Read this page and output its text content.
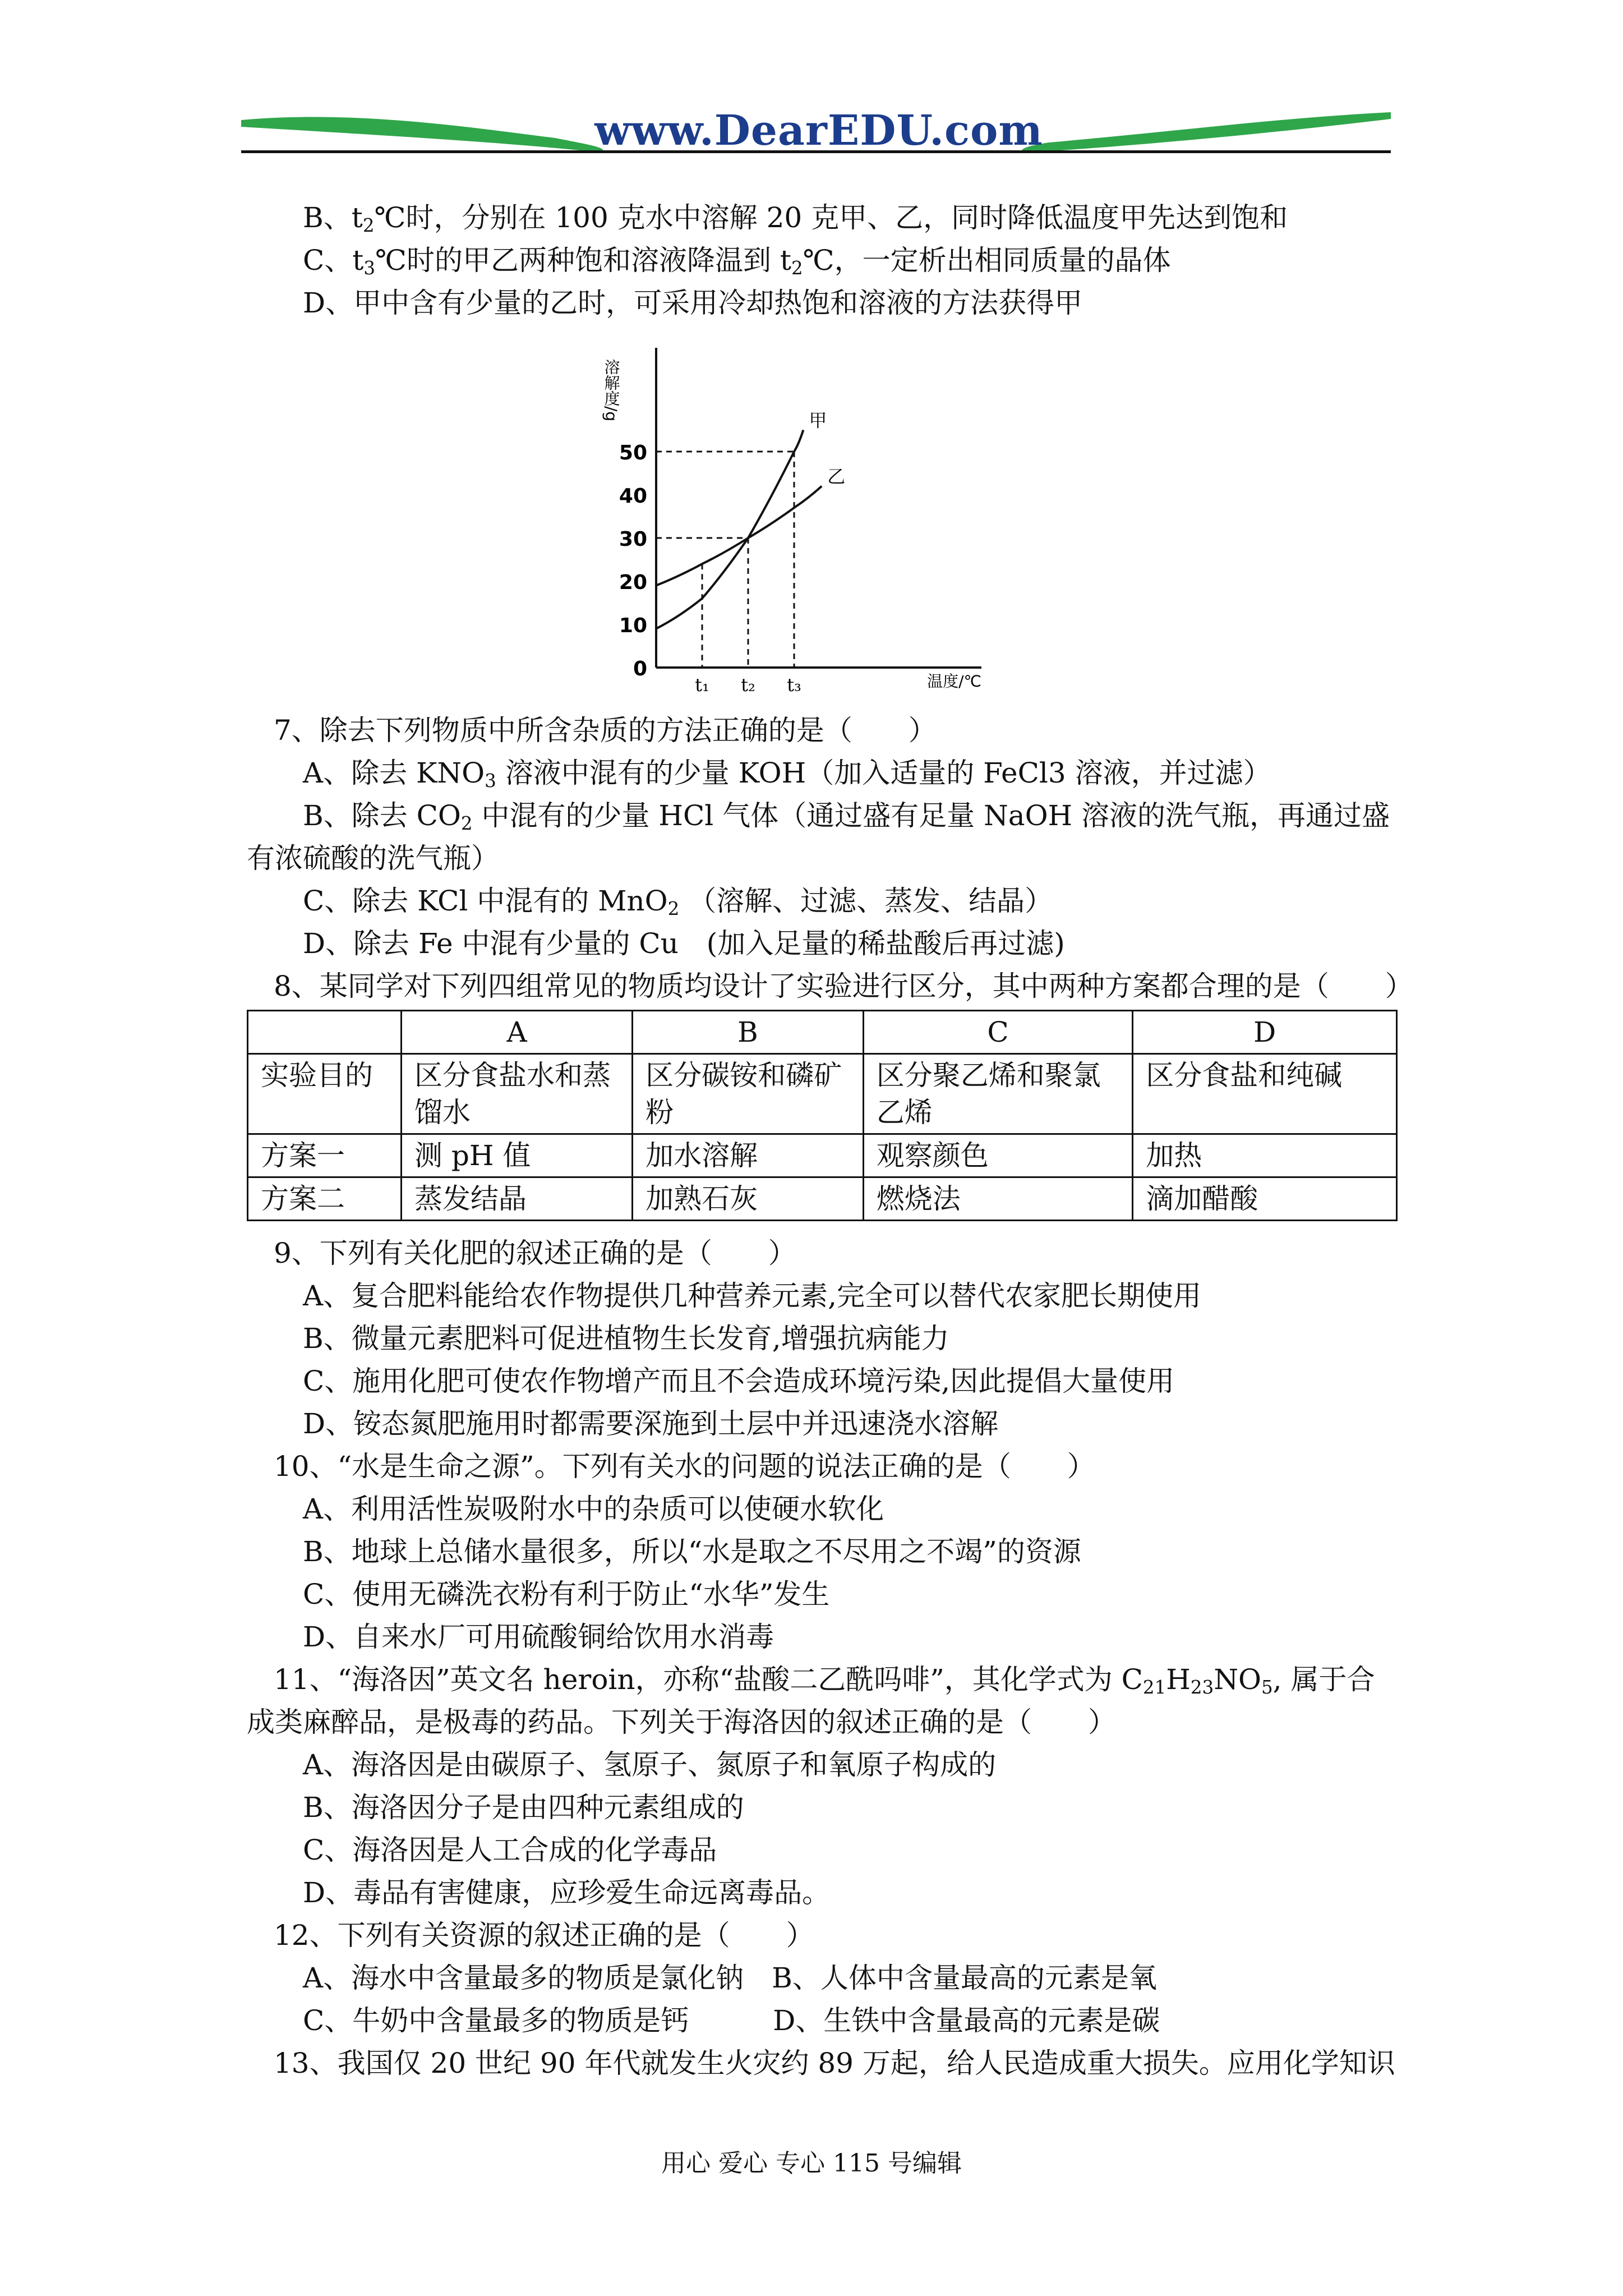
www.DearEDU.com
B、$t_2℃$时，分别在 100 克水中溶解 20 克甲、乙，同时降低温度甲先达到饱和
C、$t_3℃$时的甲乙两种饱和溶液降温到 $t_2℃$，一定析出相同质量的晶体
D、甲中含有少量的乙时，可采用冷却热饱和溶液的方法获得甲
0
10
20
30
40
50
t₁ t₂ t₃
溶解度/g
温度/℃
甲
乙
7、除去下列物质中所含杂质的方法正确的是（　　）
A、除去 $KNO_3$ 溶液中混有的少量 KOH（加入适量的 FeCl3 溶液，并过滤）
B、除去 $CO_2$ 中混有的少量 HCl 气体（通过盛有足量 NaOH 溶液的洗气瓶，再通过盛
有浓硫酸的洗气瓶）
C、除去 KCl 中混有的 MnO$_2$ （溶解、过滤、蒸发、结晶）
D、除去 Fe 中混有少量的 Cu　(加入足量的稀盐酸后再过滤)
8、某同学对下列四组常见的物质均设计了实验进行区分，其中两种方案都合理的是（　　）
	A	B	C	D
实验目的	区分食盐水和蒸馏水	区分碳铵和磷矿粉	区分聚乙烯和聚氯乙烯	区分食盐和纯碱
方案一	测 pH 值	加水溶解	观察颜色	加热
方案二	蒸发结晶	加熟石灰	燃烧法	滴加醋酸
9、下列有关化肥的叙述正确的是（　　）
A、复合肥料能给农作物提供几种营养元素,完全可以替代农家肥长期使用
B、微量元素肥料可促进植物生长发育,增强抗病能力
C、施用化肥可使农作物增产而且不会造成环境污染,因此提倡大量使用
D、铵态氮肥施用时都需要深施到土层中并迅速浇水溶解
10、“水是生命之源”。下列有关水的问题的说法正确的是（　　）
A、利用活性炭吸附水中的杂质可以使硬水软化
B、地球上总储水量很多，所以“水是取之不尽用之不竭”的资源
C、使用无磷洗衣粉有利于防止“水华”发生
D、自来水厂可用硫酸铜给饮用水消毒
11、“海洛因”英文名 heroin，亦称“盐酸二乙酰吗啡”，其化学式为 $C_{21}H_{23}NO_5$, 属于合
成类麻醉品，是极毒的药品。下列关于海洛因的叙述正确的是（　　）
A、海洛因是由碳原子、氢原子、氮原子和氧原子构成的
B、海洛因分子是由四种元素组成的
C、海洛因是人工合成的化学毒品
D、毒品有害健康，应珍爱生命远离毒品。
12、下列有关资源的叙述正确的是（　　）
A、海水中含量最多的物质是氯化钠　B、人体中含量最高的元素是氧
C、牛奶中含量最多的物质是钙　　　D、生铁中含量最高的元素是碳
13、我国仅 20 世纪 90 年代就发生火灾约 89 万起，给人民造成重大损失。应用化学知识
用心 爱心 专心 115 号编辑
